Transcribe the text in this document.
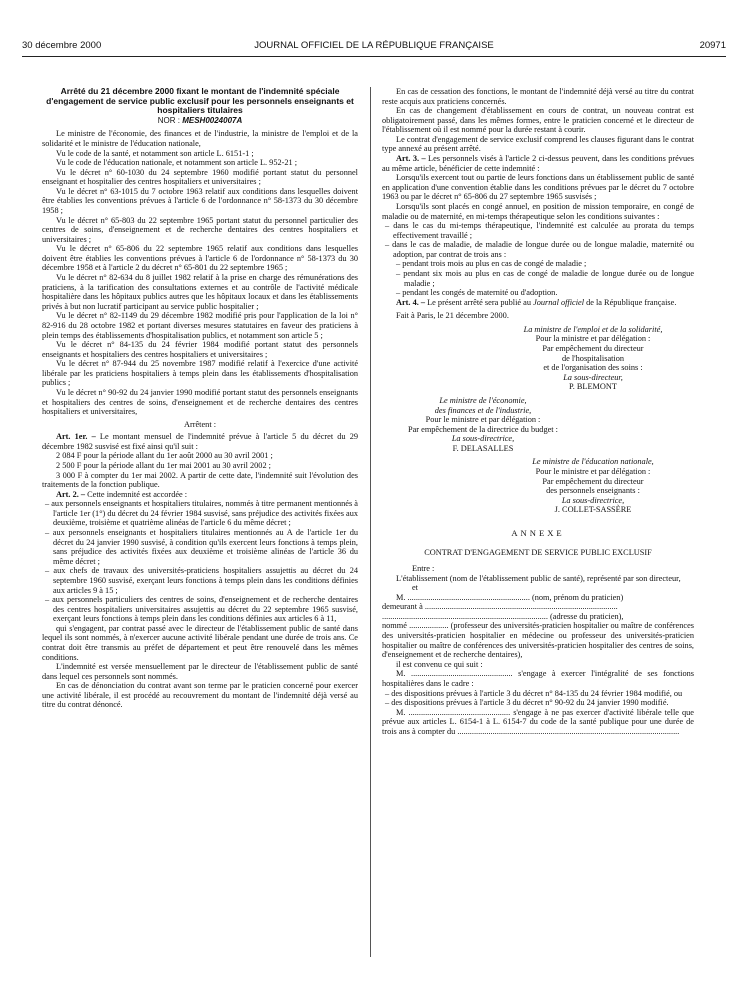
30 décembre 2000	JOURNAL OFFICIEL DE LA RÉPUBLIQUE FRANÇAISE	20971

Arrêté du 21 décembre 2000 fixant le montant de l'indemnité spéciale d'engagement de service public exclusif pour les personnels enseignants et hospitaliers titulaires

NOR : MESH0024007A

Le ministre de l'économie, des finances et de l'industrie, la ministre de l'emploi et de la solidarité et le ministre de l'éducation nationale,

Vu le code de la santé, et notamment son article L. 6151-1 ;

Vu le code de l'éducation nationale, et notamment son article L. 952-21 ;

Vu le décret n° 60-1030 du 24 septembre 1960 modifié portant statut du personnel enseignant et hospitalier des centres hospitaliers et universitaires ;

Vu le décret n° 63-1015 du 7 octobre 1963 relatif aux conditions dans lesquelles doivent être établies les conventions prévues à l'article 6 de l'ordonnance n° 58-1373 du 30 décembre 1958 ;

Vu le décret n° 65-803 du 22 septembre 1965 portant statut du personnel particulier des centres de soins, d'enseignement et de recherche dentaires des centres hospitaliers et universitaires ;

Vu le décret n° 65-806 du 22 septembre 1965 relatif aux conditions dans lesquelles doivent être établies les conventions prévues à l'article 6 de l'ordonnance n° 58-1373 du 30 décembre 1958 et à l'article 2 du décret n° 65-801 du 22 septembre 1965 ;

Vu le décret n° 82-634 du 8 juillet 1982 relatif à la prise en charge des rémunérations des praticiens, à la tarification des consultations externes et au contrôle de l'activité médicale hospitalière dans les hôpitaux publics autres que les hôpitaux locaux et dans les établissements privés à but non lucratif participant au service public hospitalier ;

Vu le décret n° 82-1149 du 29 décembre 1982 modifié pris pour l'application de la loi n° 82-916 du 28 octobre 1982 et portant diverses mesures statutaires en faveur des praticiens à plein temps des établissements d'hospitalisation publics, et notamment son article 5 ;

Vu le décret n° 84-135 du 24 février 1984 modifié portant statut des personnels enseignants et hospitaliers des centres hospitaliers et universitaires ;

Vu le décret n° 87-944 du 25 novembre 1987 modifié relatif à l'exercice d'une activité libérale par les praticiens hospitaliers à temps plein dans les établissements d'hospitalisation publics ;

Vu le décret n° 90-92 du 24 janvier 1990 modifié portant statut des personnels enseignants et hospitaliers des centres de soins, d'enseignement et de recherche dentaires des centres hospitaliers et universitaires,

Arrêtent :

Art. 1er. – Le montant mensuel de l'indemnité prévue à l'article 5 du décret du 29 décembre 1982 susvisé est fixé ainsi qu'il suit :

2 084 F pour la période allant du 1er août 2000 au 30 avril 2001 ;

2 500 F pour la période allant du 1er mai 2001 au 30 avril 2002 ;

3 000 F à compter du 1er mai 2002. A partir de cette date, l'indemnité suit l'évolution des traitements de la fonction publique.

Art. 2. – Cette indemnité est accordée :

– aux personnels enseignants et hospitaliers titulaires, nommés à titre permanent mentionnés à l'article 1er (1°) du décret du 24 février 1984 susvisé, sans préjudice des activités fixées aux deuxième, troisième et quatrième alinéas de l'article 6 du même décret ;

– aux personnels enseignants et hospitaliers titulaires mentionnés au A de l'article 1er du décret du 24 janvier 1990 susvisé, à condition qu'ils exercent leurs fonctions à temps plein, sans préjudice des activités fixées aux deuxième et troisième alinéas de l'article 36 du même décret ;

– aux chefs de travaux des universités-praticiens hospitaliers assujettis au décret du 24 septembre 1960 susvisé, exerçant leurs fonctions à temps plein dans les conditions définies aux articles 9 à 15 ;

– aux personnels particuliers des centres de soins, d'enseignement et de recherche dentaires des centres hospitaliers universitaires assujettis au décret du 22 septembre 1965 susvisé, exerçant leurs fonctions à temps plein dans les conditions définies aux articles 6 à 11,

qui s'engagent, par contrat passé avec le directeur de l'établissement public de santé dans lequel ils sont nommés, à n'exercer aucune activité libérale pendant une durée de trois ans. Ce contrat doit être transmis au préfet de département et peut être renouvelé dans les mêmes conditions.

L'indemnité est versée mensuellement par le directeur de l'établissement public de santé dans lequel ces personnels sont nommés.

En cas de dénonciation du contrat avant son terme par le praticien concerné pour exercer une activité libérale, il est procédé au recouvrement du montant de l'indemnité déjà versé au titre du contrat dénoncé.

En cas de cessation des fonctions, le montant de l'indemnité déjà versé au titre du contrat reste acquis aux praticiens concernés.

En cas de changement d'établissement en cours de contrat, un nouveau contrat est obligatoirement passé, dans les mêmes formes, entre le praticien concerné et le directeur de l'établissement où il est nommé pour la durée restant à courir.

Le contrat d'engagement de service exclusif comprend les clauses figurant dans le contrat type annexé au présent arrêté.

Art. 3. – Les personnels visés à l'article 2 ci-dessus peuvent, dans les conditions prévues au même article, bénéficier de cette indemnité :

Lorsqu'ils exercent tout ou partie de leurs fonctions dans un établissement public de santé en application d'une convention établie dans les conditions prévues par le décret du 7 octobre 1963 ou par le décret n° 65-806 du 27 septembre 1965 susvisés ;

Lorsqu'ils sont placés en congé annuel, en position de mission temporaire, en congé de maladie ou de maternité, en mi-temps thérapeutique selon les conditions suivantes :

– dans le cas du mi-temps thérapeutique, l'indemnité est calculée au prorata du temps effectivement travaillé ;

– dans le cas de maladie, de maladie de longue durée ou de longue maladie, maternité ou adoption, par contrat de trois ans :

– pendant trois mois au plus en cas de congé de maladie ;

– pendant six mois au plus en cas de congé de maladie de longue durée ou de longue maladie ;

– pendant les congés de maternité ou d'adoption.

Art. 4. – Le présent arrêté sera publié au Journal officiel de la République française.

Fait à Paris, le 21 décembre 2000.

La ministre de l'emploi et de la solidarité,

Pour la ministre et par délégation :

Par empêchement du directeur

de l'hospitalisation

et de l'organisation des soins :

La sous-directeur,

P. BLEMONT

Le ministre de l'économie,

des finances et de l'industrie,

Pour le ministre et par délégation :

Par empêchement de la directrice du budget :

La sous-directrice,

F. DELASALLES

Le ministre de l'éducation nationale,

Pour le ministre et par délégation :

Par empêchement du directeur

des personnels enseignants :

La sous-directrice,

J. COLLET-SASSÈRE

ANNEXE

CONTRAT D'ENGAGEMENT DE SERVICE PUBLIC EXCLUSIF

Entre :

L'établissement (nom de l'établissement public de santé), représenté par son directeur,

et

M. ........................................................... (nom, prénom du praticien)

demeurant à .............................................................................................

................................................................................ (adresse du praticien),

nommé ................... (professeur des universités-praticien hospitalier ou maître de conférences des universités-praticien hospitalier en médecine ou professeur des universités-praticien hospitalier ou maître de conférences des universités-praticien hospitalier des centres de soins, d'enseignement et de recherche dentaires),

il est convenu ce qui suit :

M. ................................................. s'engage à exercer l'intégralité de ses fonctions hospitalières dans le cadre :

– des dispositions prévues à l'article 3 du décret n° 84-135 du 24 février 1984 modifié, ou

– des dispositions prévues à l'article 3 du décret n° 90-92 du 24 janvier 1990 modifié.

M. ................................................. s'engage à ne pas exercer d'activité libérale telle que prévue aux articles L. 6154-1 à L. 6154-7 du code de la santé publique pour une durée de trois ans à compter du ...........................................................................................................
